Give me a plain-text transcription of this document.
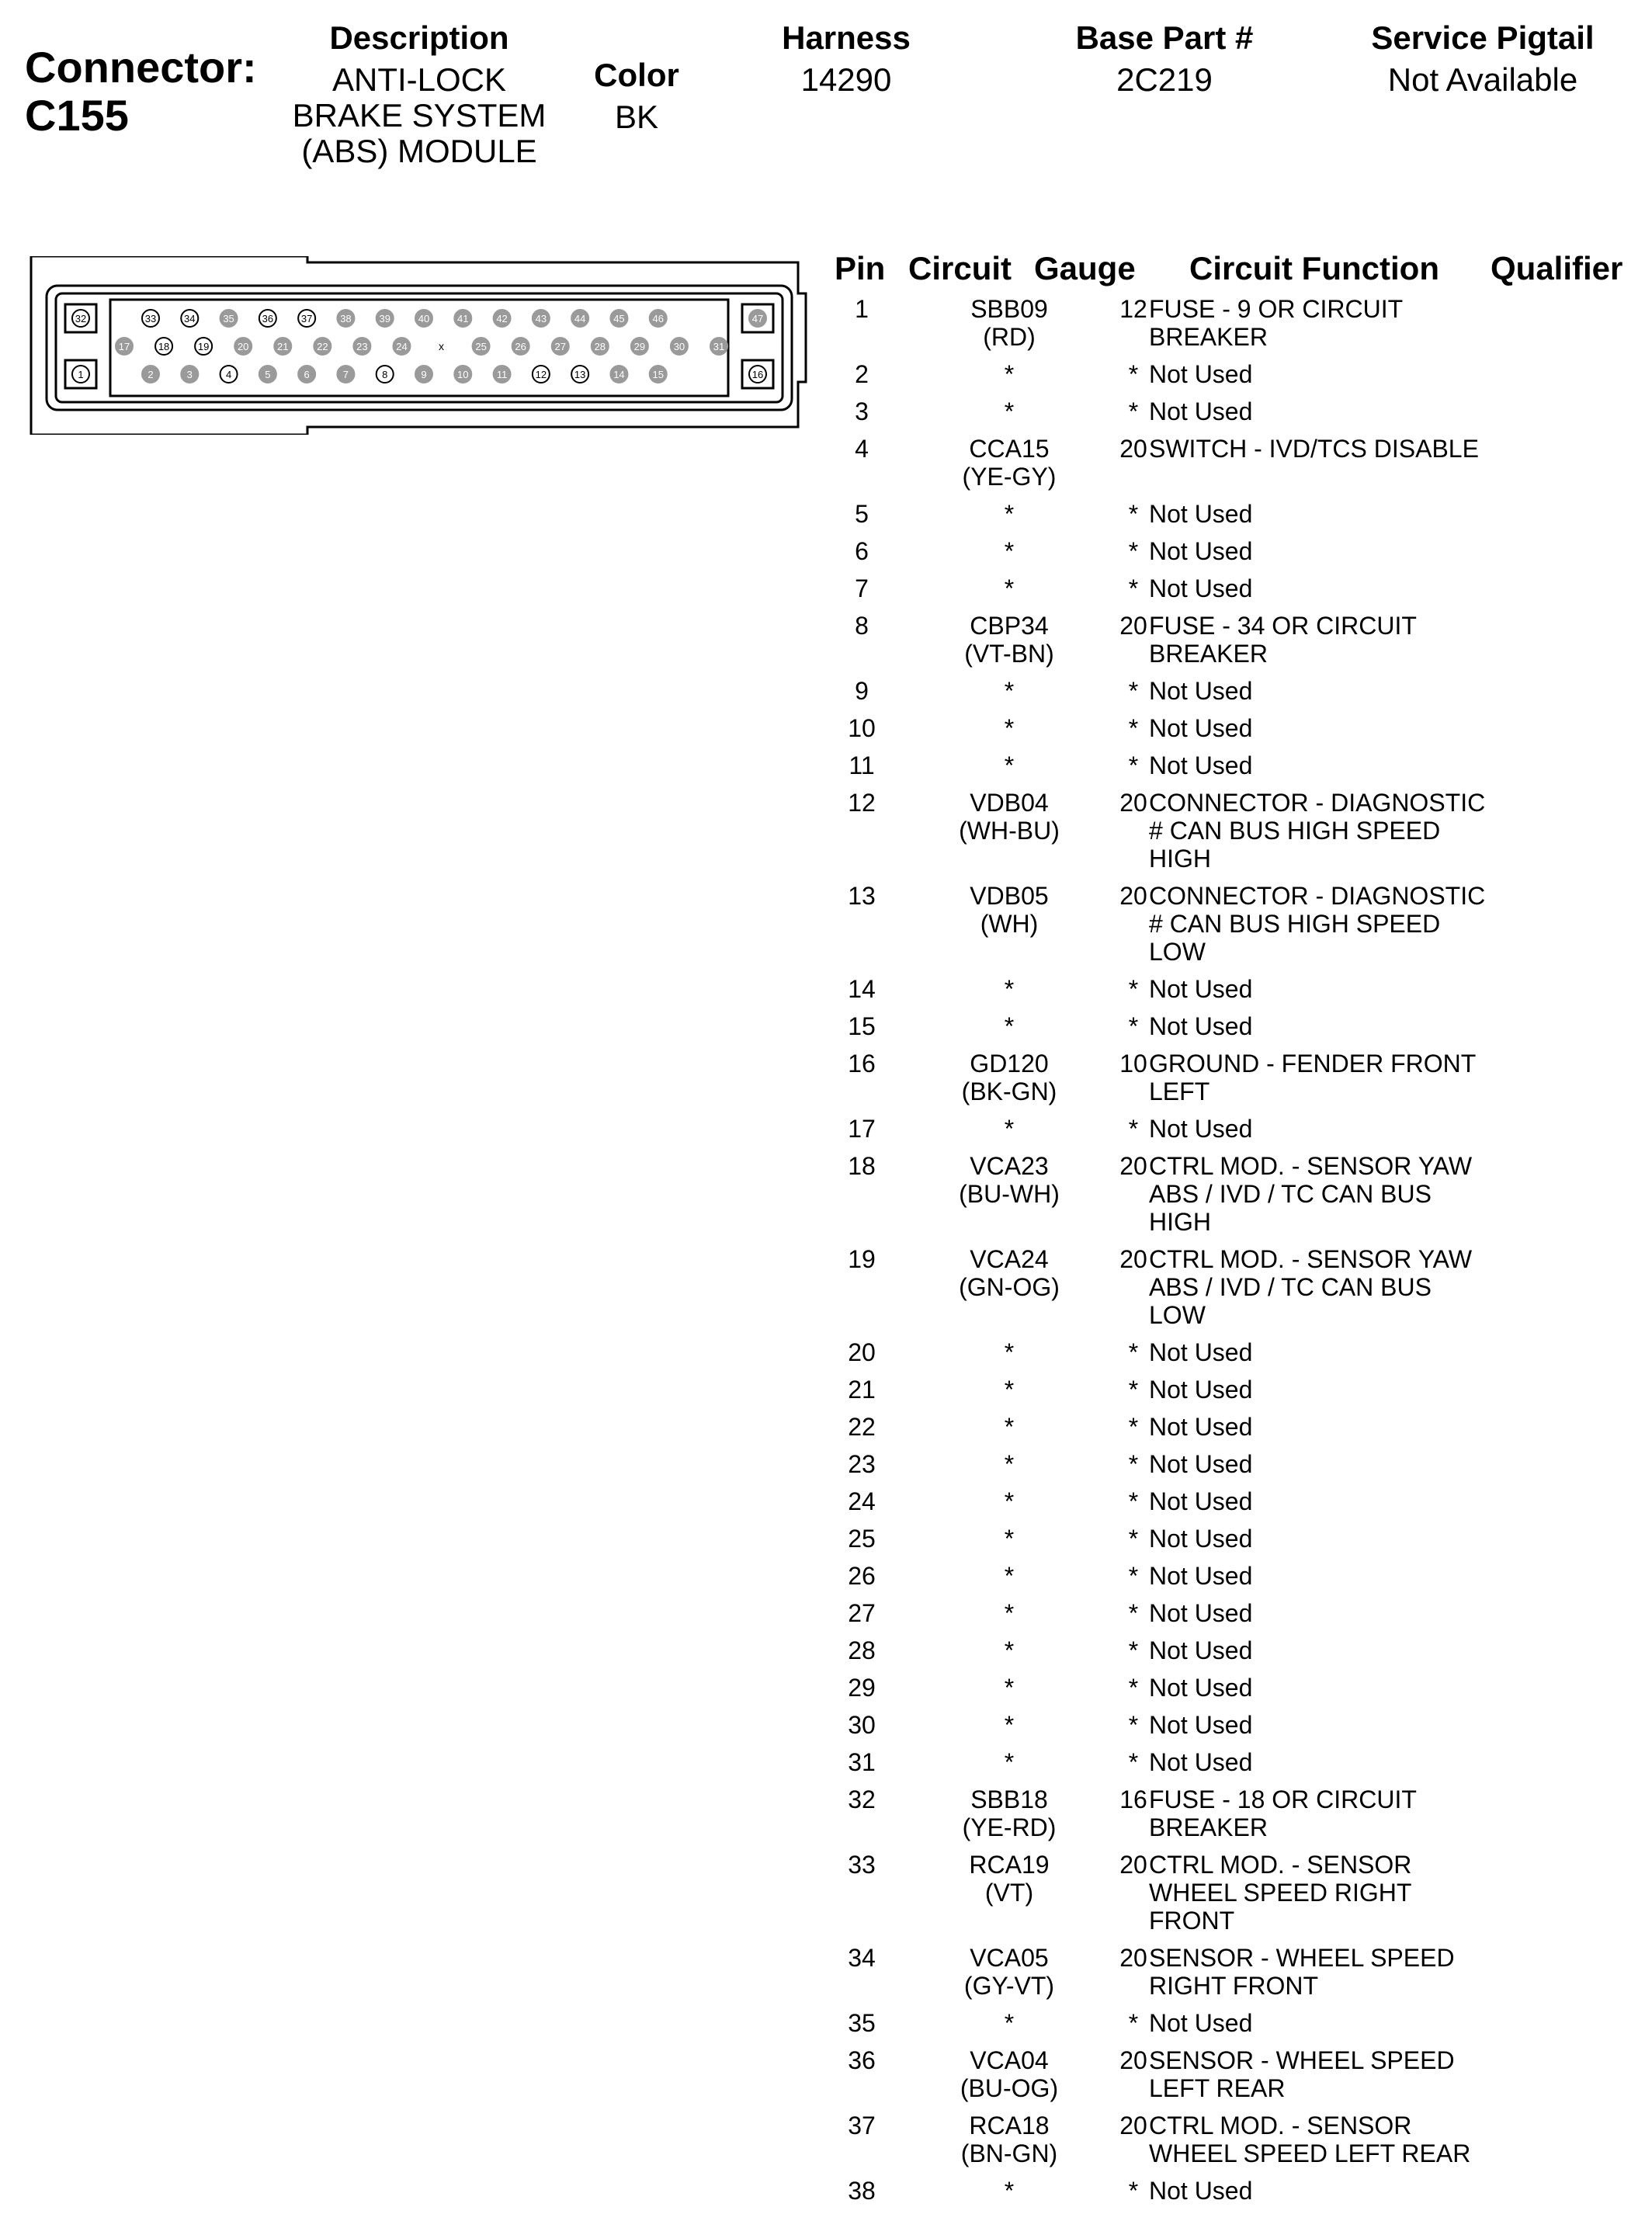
Connector:
C155
Description
ANTI-LOCK
BRAKE SYSTEM
(ABS) MODULE
Color
BK
Harness
14290
Base Part #
2C219
Service Pigtail
Not Available
32	47
33	34	35	36	37	38	39	40	41	42	43	44	45	46
1	16
2	3	4	5	6	7	8	9	10	11	12	13	14	15
17	18	19	20	21	22	23	24	x	25	26	27	28	29	30	31
Pin Circuit Gauge Circuit Function Qualifier
1	SBB09
(RD)
12 FUSE - 9 OR CIRCUIT
BREAKER
2	*	* Not Used
3	*	* Not Used
4	CCA15
(YE-GY)
20 SWITCH - IVD/TCS DISABLE
5	*	* Not Used
6	*	* Not Used
7	*	* Not Used
8	CBP34
(VT-BN)
20 FUSE - 34 OR CIRCUIT
BREAKER
9	*	* Not Used
10	*	* Not Used
11	*	* Not Used
12	VDB04
(WH-BU)
20 CONNECTOR - DIAGNOSTIC
# CAN BUS HIGH SPEED
HIGH
13	VDB05
(WH)
20 CONNECTOR - DIAGNOSTIC
# CAN BUS HIGH SPEED
LOW
14	*	* Not Used
15	*	* Not Used
16	GD120
(BK-GN)
10 GROUND - FENDER FRONT
LEFT
17	*	* Not Used
18	VCA23
(BU-WH)
20 CTRL MOD. - SENSOR YAW
ABS / IVD / TC CAN BUS
HIGH
19	VCA24
(GN-OG)
20 CTRL MOD. - SENSOR YAW
ABS / IVD / TC CAN BUS
LOW
20	*	* Not Used
21	*	* Not Used
22	*	* Not Used
23	*	* Not Used
24	*	* Not Used
25	*	* Not Used
26	*	* Not Used
27	*	* Not Used
28	*	* Not Used
29	*	* Not Used
30	*	* Not Used
31	*	* Not Used
32	SBB18
(YE-RD)
16 FUSE - 18 OR CIRCUIT
BREAKER
33	RCA19
(VT)
20 CTRL MOD. - SENSOR
WHEEL SPEED RIGHT
FRONT
34	VCA05
(GY-VT)
20 SENSOR - WHEEL SPEED
RIGHT FRONT
35	*	* Not Used
36	VCA04
(BU-OG)
20 SENSOR - WHEEL SPEED
LEFT REAR
37	RCA18
(BN-GN)
20 CTRL MOD. - SENSOR
WHEEL SPEED LEFT REAR
38	*	* Not Used
